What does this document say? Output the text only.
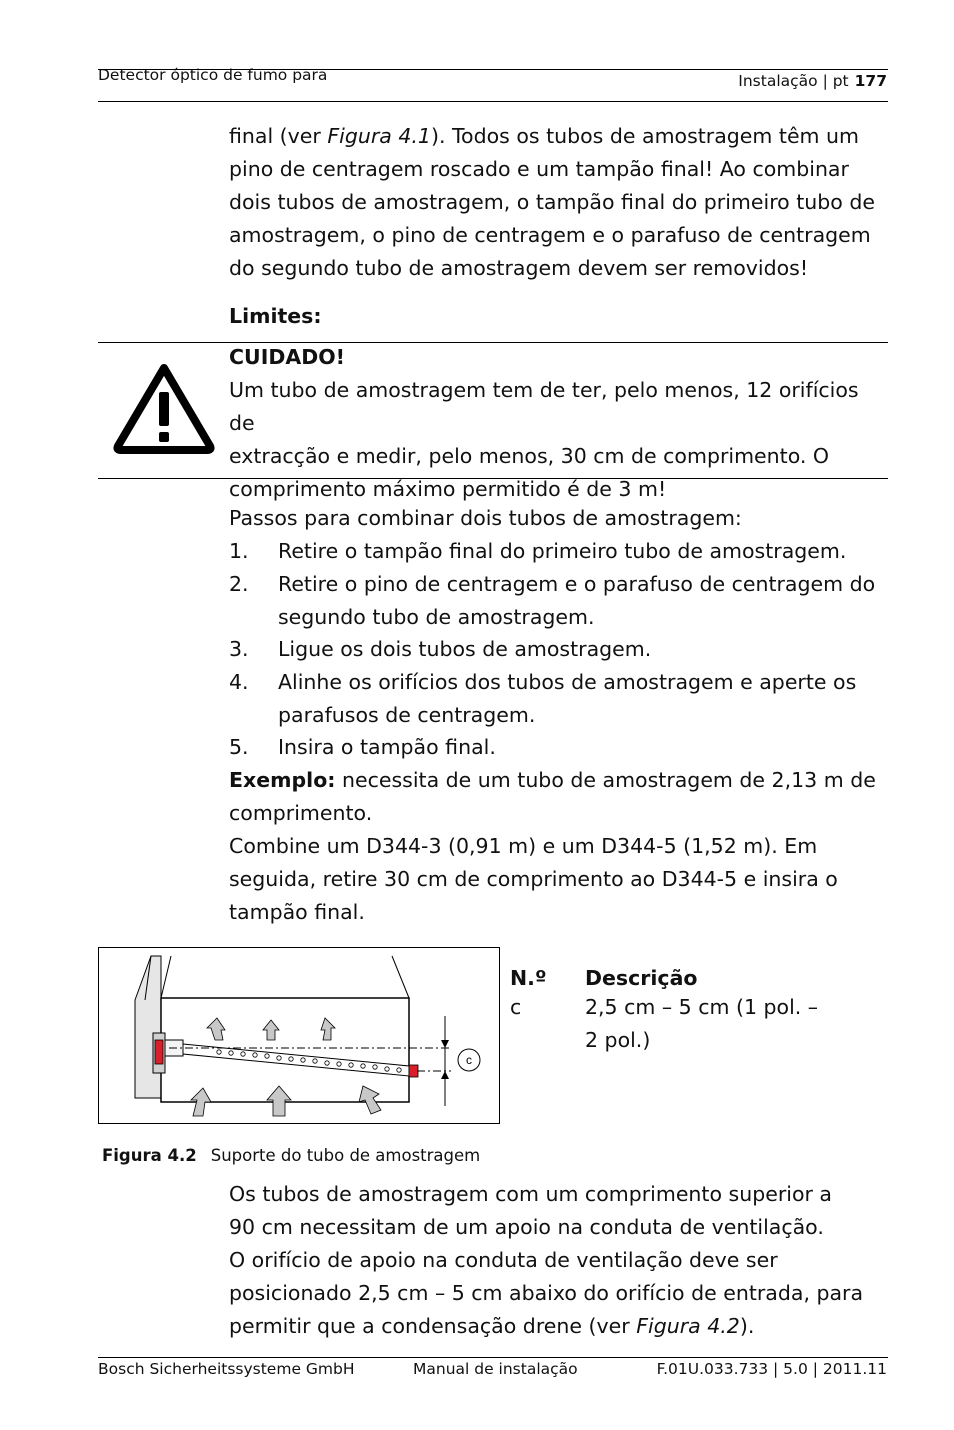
Detector óptico de fumo para	Instalação | pt 177
final (ver Figura 4.1). Todos os tubos de amostragem têm um
pino de centragem roscado e um tampão final! Ao combinar
dois tubos de amostragem, o tampão final do primeiro tubo de
amostragem, o pino de centragem e o parafuso de centragem
do segundo tubo de amostragem devem ser removidos!
Limites:
CUIDADO!
Um tubo de amostragem tem de ter, pelo menos, 12 orifícios de
extracção e medir, pelo menos, 30 cm de comprimento. O
comprimento máximo permitido é de 3 m!
Passos para combinar dois tubos de amostragem:
1.	Retire o tampão final do primeiro tubo de amostragem.
2.	Retire o pino de centragem e o parafuso de centragem do
segundo tubo de amostragem.
3.	Ligue os dois tubos de amostragem.
4.	Alinhe os orifícios dos tubos de amostragem e aperte os
parafusos de centragem.
5.	Insira o tampão final.
Exemplo: necessita de um tubo de amostragem de 2,13 m de
comprimento.
Combine um D344-3 (0,91 m) e um D344-5 (1,52 m). Em
seguida, retire 30 cm de comprimento ao D344-5 e insira o
tampão final.
c
N.º Descrição
c	2,5 cm – 5 cm (1 pol. –
2 pol.)
Figura 4.2 Suporte do tubo de amostragem
Os tubos de amostragem com um comprimento superior a
90 cm necessitam de um apoio na conduta de ventilação.
O orifício de apoio na conduta de ventilação deve ser
posicionado 2,5 cm – 5 cm abaixo do orifício de entrada, para
permitir que a condensação drene (ver Figura 4.2).
Bosch Sicherheitssysteme GmbH	Manual de instalação	F.01U.033.733 | 5.0 | 2011.11
